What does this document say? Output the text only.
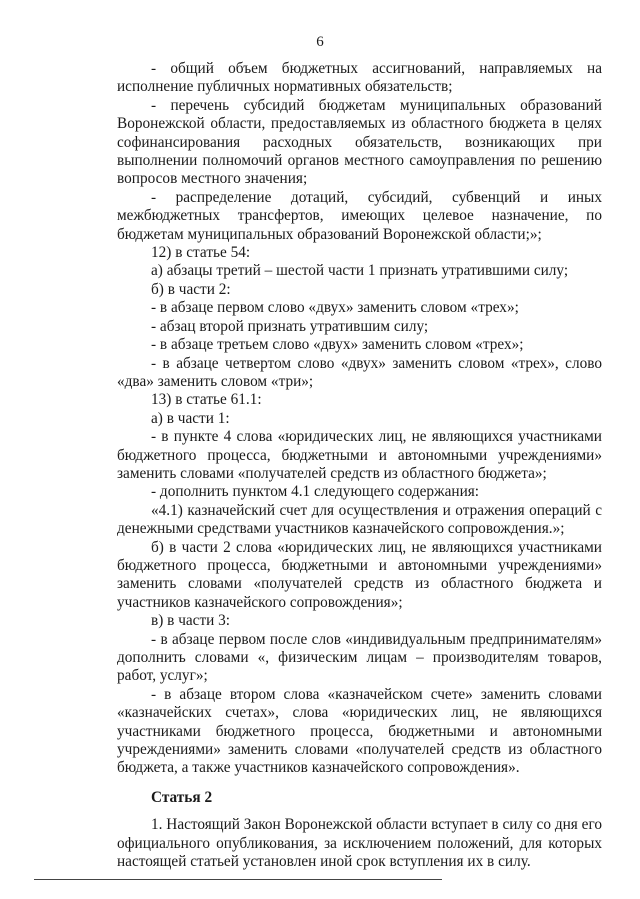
6

- общий объем бюджетных ассигнований, направляемых на исполнение публичных нормативных обязательств;

- перечень субсидий бюджетам муниципальных образований Воронежской области, предоставляемых из областного бюджета в целях софинансирования расходных обязательств, возникающих при выполнении полномочий органов местного самоуправления по решению вопросов местного значения;

- распределение дотаций, субсидий, субвенций и иных межбюджетных трансфертов, имеющих целевое назначение, по бюджетам муниципальных образований Воронежской области;»;

12) в статье 54:

а) абзацы третий – шестой части 1 признать утратившими силу;

б) в части 2:

- в абзаце первом слово «двух» заменить словом «трех»;

- абзац второй признать утратившим силу;

- в абзаце третьем слово «двух» заменить словом «трех»;

- в абзаце четвертом слово «двух» заменить словом «трех», слово «два» заменить словом «три»;

13) в статье 61.1:

а) в части 1:

- в пункте 4 слова «юридических лиц, не являющихся участниками бюджетного процесса, бюджетными и автономными учреждениями» заменить словами «получателей средств из областного бюджета»;

- дополнить пунктом 4.1 следующего содержания:

«4.1) казначейский счет для осуществления и отражения операций с денежными средствами участников казначейского сопровождения.»;

б) в части 2 слова «юридических лиц, не являющихся участниками бюджетного процесса, бюджетными и автономными учреждениями» заменить словами «получателей средств из областного бюджета и участников казначейского сопровождения»;

в) в части 3:

- в абзаце первом после слов «индивидуальным предпринимателям» дополнить словами «, физическим лицам – производителям товаров, работ, услуг»;

- в абзаце втором слова «казначейском счете» заменить словами «казначейских счетах», слова «юридических лиц, не являющихся участниками бюджетного процесса, бюджетными и автономными учреждениями» заменить словами «получателей средств из областного бюджета, а также участников казначейского сопровождения».

Статья 2

1. Настоящий Закон Воронежской области вступает в силу со дня его официального опубликования, за исключением положений, для которых настоящей статьей установлен иной срок вступления их в силу.
